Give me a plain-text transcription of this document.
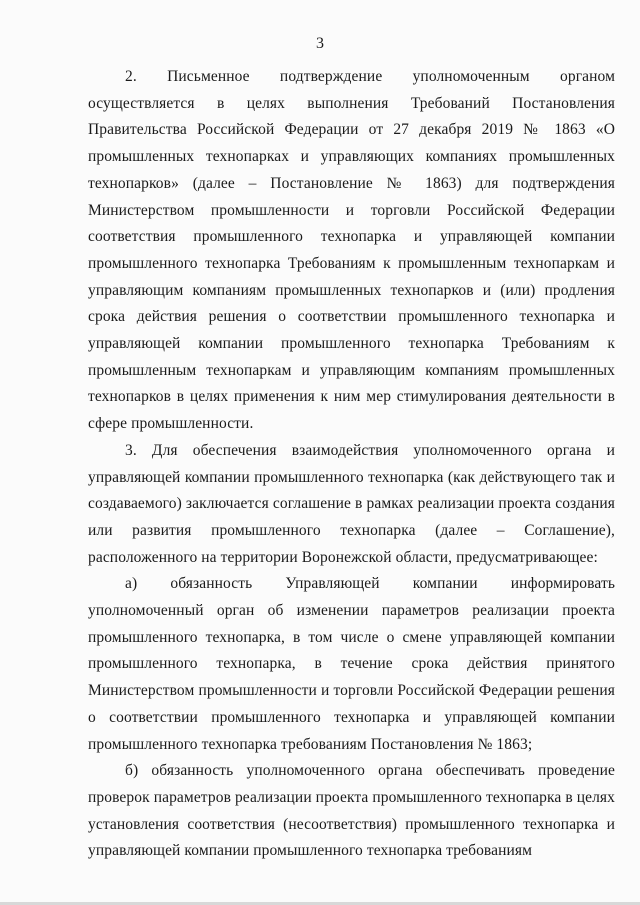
3

2. Письменное подтверждение уполномоченным органом осуществляется в целях выполнения Требований Постановления Правительства Российской Федерации от 27 декабря 2019 № 1863 «О промышленных технопарках и управляющих компаниях промышленных технопарков» (далее – Постановление № 1863) для подтверждения Министерством промышленности и торговли Российской Федерации соответствия промышленного технопарка и управляющей компании промышленного технопарка Требованиям к промышленным технопаркам и управляющим компаниям промышленных технопарков и (или) продления срока действия решения о соответствии промышленного технопарка и управляющей компании промышленного технопарка Требованиям к промышленным технопаркам и управляющим компаниям промышленных технопарков в целях применения к ним мер стимулирования деятельности в сфере промышленности.

3. Для обеспечения взаимодействия уполномоченного органа и управляющей компании промышленного технопарка (как действующего так и создаваемого) заключается соглашение в рамках реализации проекта создания или развития промышленного технопарка (далее – Соглашение), расположенного на территории Воронежской области, предусматривающее:

а) обязанность Управляющей компании информировать уполномоченный орган об изменении параметров реализации проекта промышленного технопарка, в том числе о смене управляющей компании промышленного технопарка, в течение срока действия принятого Министерством промышленности и торговли Российской Федерации решения о соответствии промышленного технопарка и управляющей компании промышленного технопарка требованиям Постановления № 1863;

б) обязанность уполномоченного органа обеспечивать проведение проверок параметров реализации проекта промышленного технопарка в целях установления соответствия (несоответствия) промышленного технопарка и управляющей компании промышленного технопарка требованиям
